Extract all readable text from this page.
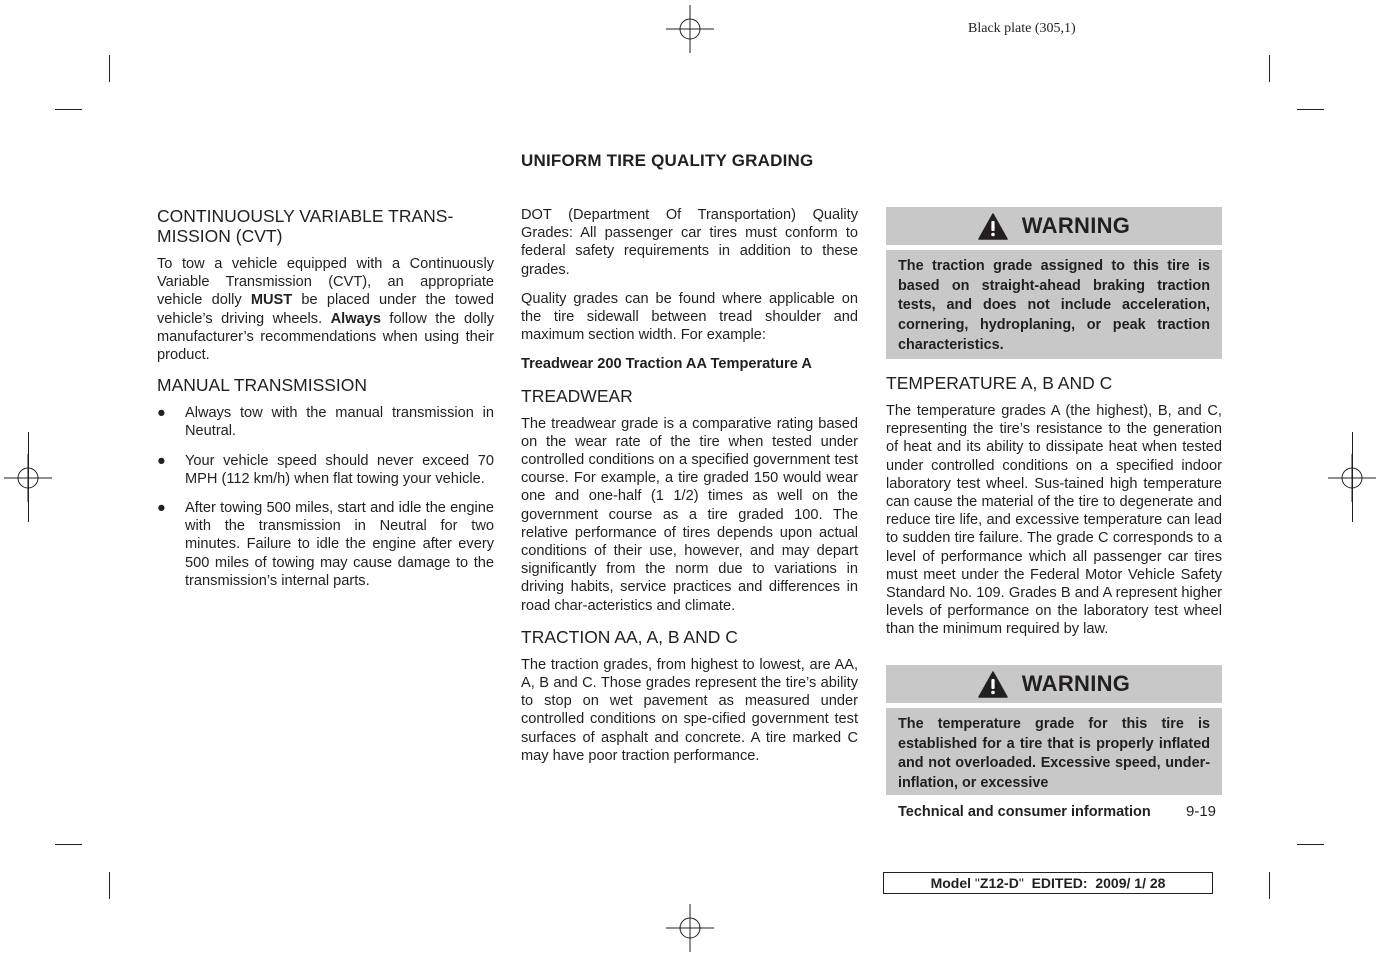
Black plate (305,1)
UNIFORM TIRE QUALITY GRADING
CONTINUOUSLY VARIABLE TRANS-
MISSION (CVT)

To tow a vehicle equipped with a Continuously Variable Transmission (CVT), an appropriate vehicle dolly MUST be placed under the towed vehicle’s driving wheels. Always follow the dolly manufacturer’s recommendations when using their product.

MANUAL TRANSMISSION
● Always tow with the manual transmission in Neutral.
● Your vehicle speed should never exceed 70 MPH (112 km/h) when flat towing your vehicle.
● After towing 500 miles, start and idle the engine with the transmission in Neutral for two minutes. Failure to idle the engine after every 500 miles of towing may cause damage to the transmission’s internal parts.

DOT (Department Of Transportation) Quality Grades: All passenger car tires must conform to federal safety requirements in addition to these grades.

Quality grades can be found where applicable on the tire sidewall between tread shoulder and maximum section width. For example:

Treadwear 200 Traction AA Temperature A

TREADWEAR

The treadwear grade is a comparative rating based on the wear rate of the tire when tested under controlled conditions on a specified government test course. For example, a tire graded 150 would wear one and one-half (1 1/2) times as well on the government course as a tire graded 100. The relative performance of tires depends upon actual conditions of their use, however, and may depart significantly from the norm due to variations in driving habits, service practices and differences in road char-acteristics and climate.

TRACTION AA, A, B AND C

The traction grades, from highest to lowest, are AA, A, B and C. Those grades represent the tire’s ability to stop on wet pavement as measured under controlled conditions on spe-cified government test surfaces of asphalt and concrete. A tire marked C may have poor traction performance.

WARNING
The traction grade assigned to this tire is based on straight-ahead braking traction tests, and does not include acceleration, cornering, hydroplaning, or peak traction characteristics.
TEMPERATURE A, B AND C

The temperature grades A (the highest), B, and C, representing the tire’s resistance to the generation of heat and its ability to dissipate heat when tested under controlled conditions on a specified indoor laboratory test wheel. Sus-tained high temperature can cause the material of the tire to degenerate and reduce tire life, and excessive temperature can lead to sudden tire failure. The grade C corresponds to a level of performance which all passenger car tires must meet under the Federal Motor Vehicle Safety Standard No. 109. Grades B and A represent higher levels of performance on the laboratory test wheel than the minimum required by law.

WARNING
The temperature grade for this tire is established for a tire that is properly inflated and not overloaded. Excessive speed, under-inflation, or excessive
Technical and consumer information 9-19
Model "Z12-D"  EDITED:  2009/ 1/ 28
